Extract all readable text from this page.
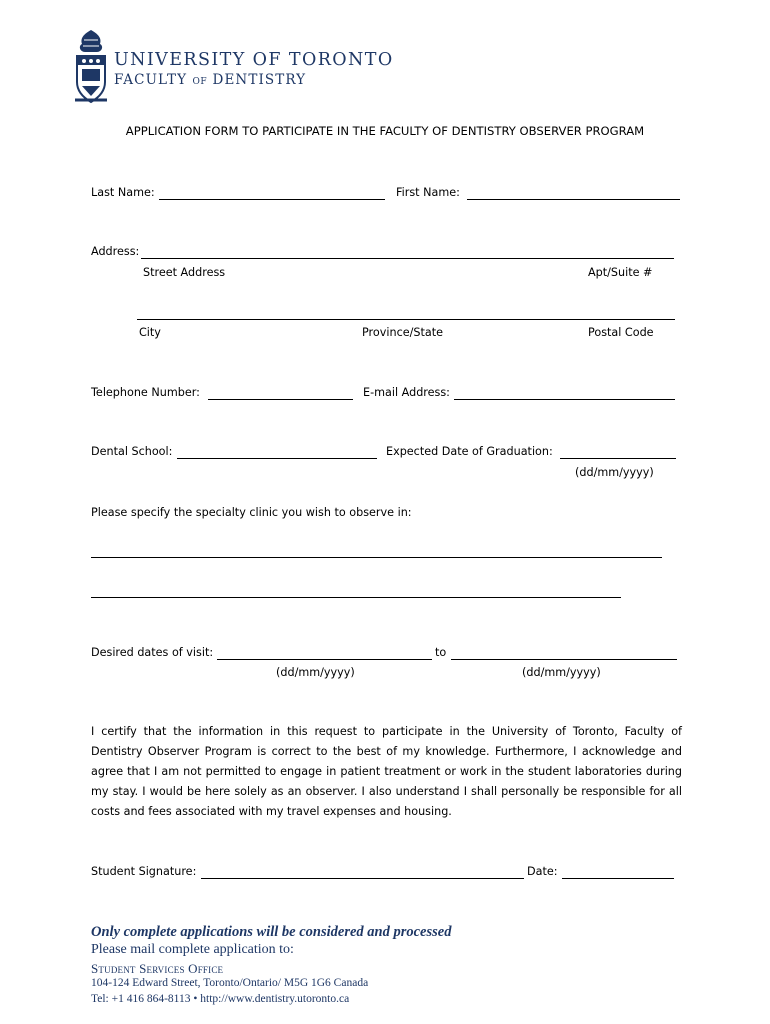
UNIVERSITY OF TORONTO
FACULTY OF DENTISTRY
APPLICATION FORM TO PARTICIPATE IN THE FACULTY OF DENTISTRY OBSERVER PROGRAM
Last Name:	First Name:
Address:
Street Address	Apt/Suite #
City	Province/State	Postal Code
Telephone Number:	E-mail Address:
Dental School:	Expected Date of Graduation:
(dd/mm/yyyy)
Please specify the specialty clinic you wish to observe in:
Desired dates of visit:	to
(dd/mm/yyyy)	(dd/mm/yyyy)
I certify that the information in this request to participate in the University of Toronto, Faculty of Dentistry Observer Program is correct to the best of my knowledge. Furthermore, I acknowledge and agree that I am not permitted to engage in patient treatment or work in the student laboratories during my stay. I would be here solely as an observer. I also understand I shall personally be responsible for all costs and fees associated with my travel expenses and housing.
Student Signature:	Date:
Only complete applications will be considered and processed
Please mail complete application to:
Student Services Office
104-124 Edward Street, Toronto/Ontario/ M5G 1G6 Canada
Tel: +1 416 864-8113 • http://www.dentistry.utoronto.ca
